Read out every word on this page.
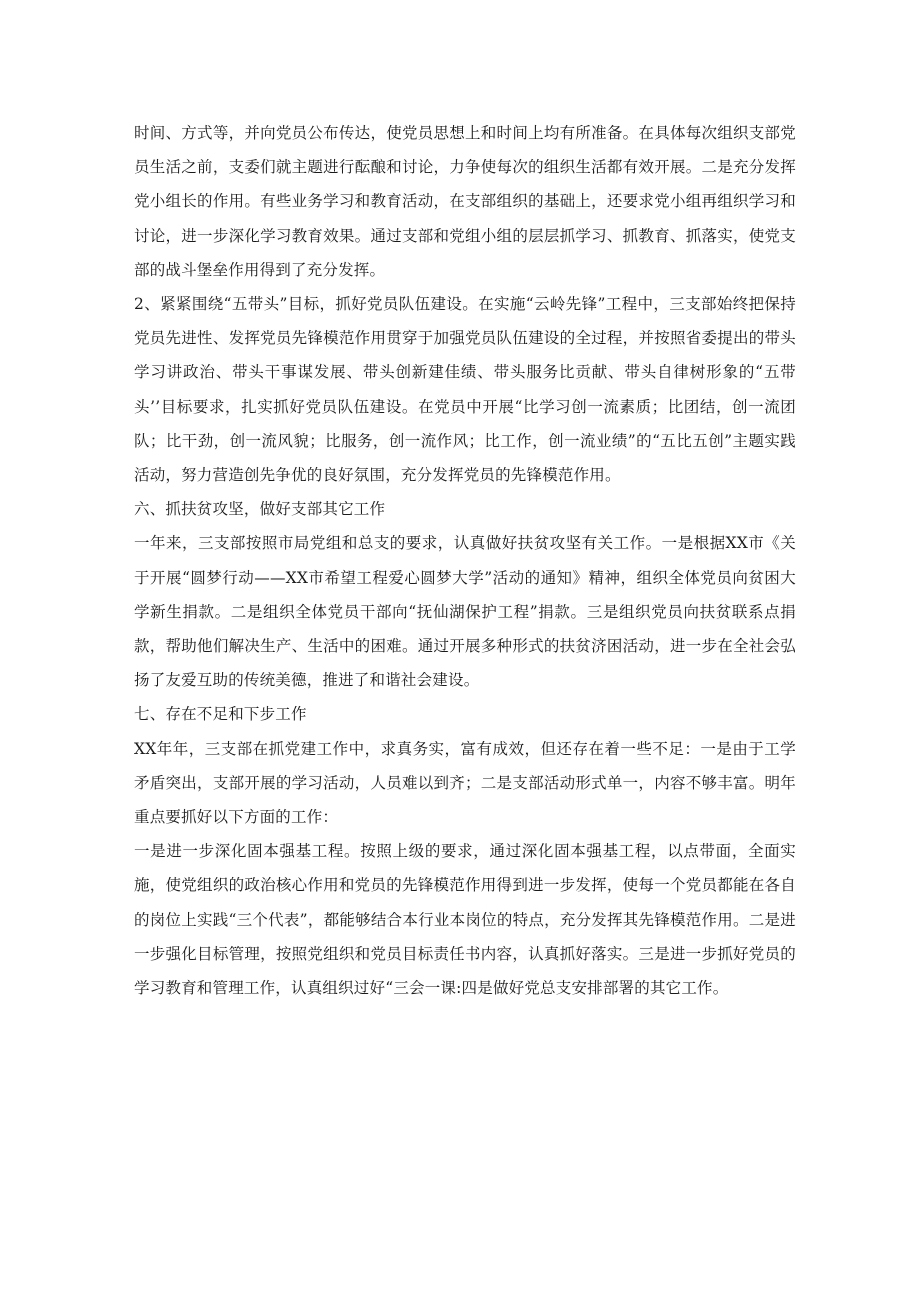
时间、方式等，并向党员公布传达，使党员思想上和时间上均有所准备。在具体每次组织支部党员生活之前，支委们就主题进行酝酿和讨论，力争使每次的组织生活都有效开展。二是充分发挥党小组长的作用。有些业务学习和教育活动，在支部组织的基础上，还要求党小组再组织学习和讨论，进一步深化学习教育效果。通过支部和党组小组的层层抓学习、抓教育、抓落实，使党支部的战斗堡垒作用得到了充分发挥。

2、紧紧围绕“五带头”目标，抓好党员队伍建设。在实施“云岭先锋”工程中，三支部始终把保持党员先进性、发挥党员先锋模范作用贯穿于加强党员队伍建设的全过程，并按照省委提出的带头学习讲政治、带头干事谋发展、带头创新建佳绩、带头服务比贡献、带头自律树形象的“五带头’’目标要求，扎实抓好党员队伍建设。在党员中开展“比学习创一流素质；比团结，创一流团队；比干劲，创一流风貌；比服务，创一流作风；比工作，创一流业绩”的“五比五创”主题实践活动，努力营造创先争优的良好氛围，充分发挥党员的先锋模范作用。

六、抓扶贫攻坚，做好支部其它工作

一年来，三支部按照市局党组和总支的要求，认真做好扶贫攻坚有关工作。一是根据XX市《关于开展“圆梦行动——XX市希望工程爱心圆梦大学”活动的通知》精神，组织全体党员向贫困大学新生捐款。二是组织全体党员干部向“抚仙湖保护工程”捐款。三是组织党员向扶贫联系点捐款，帮助他们解决生产、生活中的困难。通过开展多种形式的扶贫济困活动，进一步在全社会弘扬了友爱互助的传统美德，推进了和谐社会建设。

七、存在不足和下步工作

XX年年，三支部在抓党建工作中，求真务实，富有成效，但还存在着一些不足：一是由于工学矛盾突出，支部开展的学习活动，人员难以到齐；二是支部活动形式单一，内容不够丰富。明年重点要抓好以下方面的工作：

一是进一步深化固本强基工程。按照上级的要求，通过深化固本强基工程，以点带面，全面实施，使党组织的政治核心作用和党员的先锋模范作用得到进一步发挥，使每一个党员都能在各自的岗位上实践“三个代表”，都能够结合本行业本岗位的特点，充分发挥其先锋模范作用。二是进一步强化目标管理，按照党组织和党员目标责任书内容，认真抓好落实。三是进一步抓好党员的学习教育和管理工作，认真组织过好“三会一课:四是做好党总支安排部署的其它工作。
